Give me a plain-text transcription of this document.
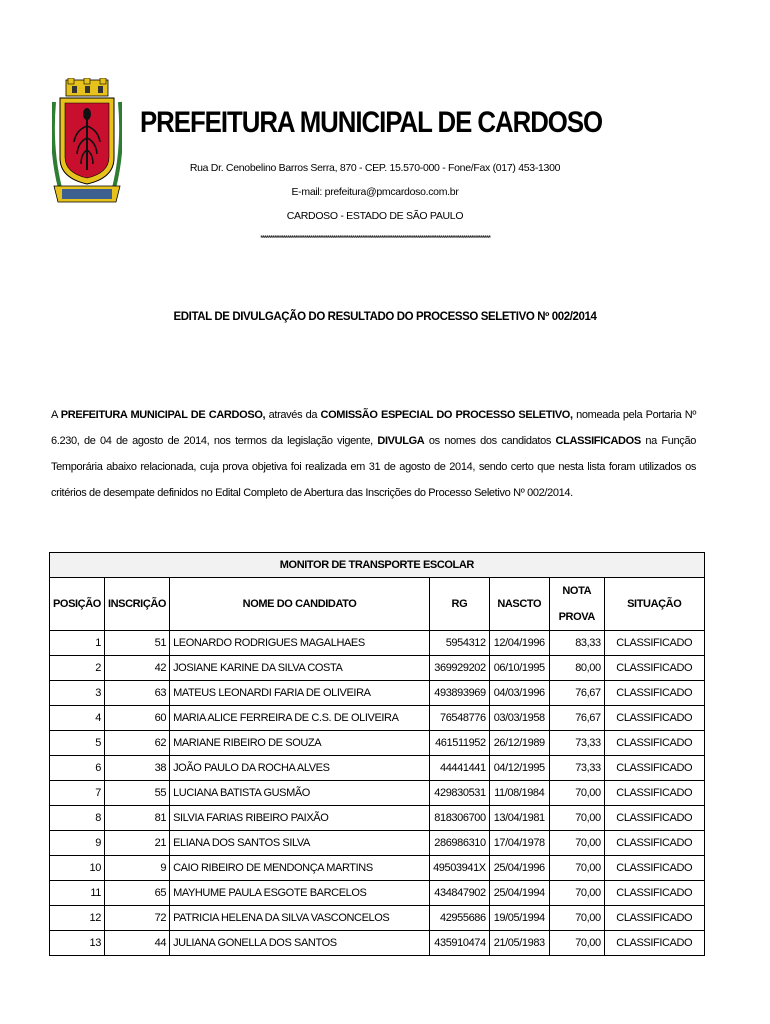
PREFEITURA MUNICIPAL DE CARDOSO
Rua Dr. Cenobelino Barros Serra, 870 - CEP. 15.570-000 - Fone/Fax (017) 453-1300
E-mail: prefeitura@pmcardoso.com.br
CARDOSO - ESTADO DE SÃO PAULO
************************************************************************************************************************
EDITAL DE DIVULGAÇÃO DO RESULTADO DO PROCESSO SELETIVO Nº 002/2014
A PREFEITURA MUNICIPAL DE CARDOSO, através da COMISSÃO ESPECIAL DO PROCESSO SELETIVO, nomeada pela Portaria Nº 6.230, de 04 de agosto de 2014, nos termos da legislação vigente, DIVULGA os nomes dos candidatos CLASSIFICADOS na Função Temporária abaixo relacionada, cuja prova objetiva foi realizada em 31 de agosto de 2014, sendo certo que nesta lista foram utilizados os critérios de desempate definidos no Edital Completo de Abertura das Inscrições do Processo Seletivo Nº 002/2014.
MONITOR DE TRANSPORTE ESCOLAR						
POSIÇÃO	INSCRIÇÃO	NOME DO CANDIDATO	RG	NASCTO	NOTA PROVA	SITUAÇÃO
1	51	LEONARDO RODRIGUES MAGALHAES	5954312	12/04/1996	83,33	CLASSIFICADO
2	42	JOSIANE KARINE DA SILVA COSTA	369929202	06/10/1995	80,00	CLASSIFICADO
3	63	MATEUS LEONARDI FARIA DE OLIVEIRA	493893969	04/03/1996	76,67	CLASSIFICADO
4	60	MARIA ALICE FERREIRA DE C.S. DE OLIVEIRA	76548776	03/03/1958	76,67	CLASSIFICADO
5	62	MARIANE RIBEIRO DE SOUZA	461511952	26/12/1989	73,33	CLASSIFICADO
6	38	JOÃO PAULO DA ROCHA ALVES	44441441	04/12/1995	73,33	CLASSIFICADO
7	55	LUCIANA BATISTA GUSMÃO	429830531	11/08/1984	70,00	CLASSIFICADO
8	81	SILVIA FARIAS RIBEIRO PAIXÃO	818306700	13/04/1981	70,00	CLASSIFICADO
9	21	ELIANA DOS SANTOS SILVA	286986310	17/04/1978	70,00	CLASSIFICADO
10	9	CAIO RIBEIRO DE MENDONÇA MARTINS	49503941X	25/04/1996	70,00	CLASSIFICADO
11	65	MAYHUME PAULA ESGOTE BARCELOS	434847902	25/04/1994	70,00	CLASSIFICADO
12	72	PATRICIA HELENA DA SILVA VASCONCELOS	42955686	19/05/1994	70,00	CLASSIFICADO
13	44	JULIANA GONELLA DOS SANTOS	435910474	21/05/1983	70,00	CLASSIFICADO
